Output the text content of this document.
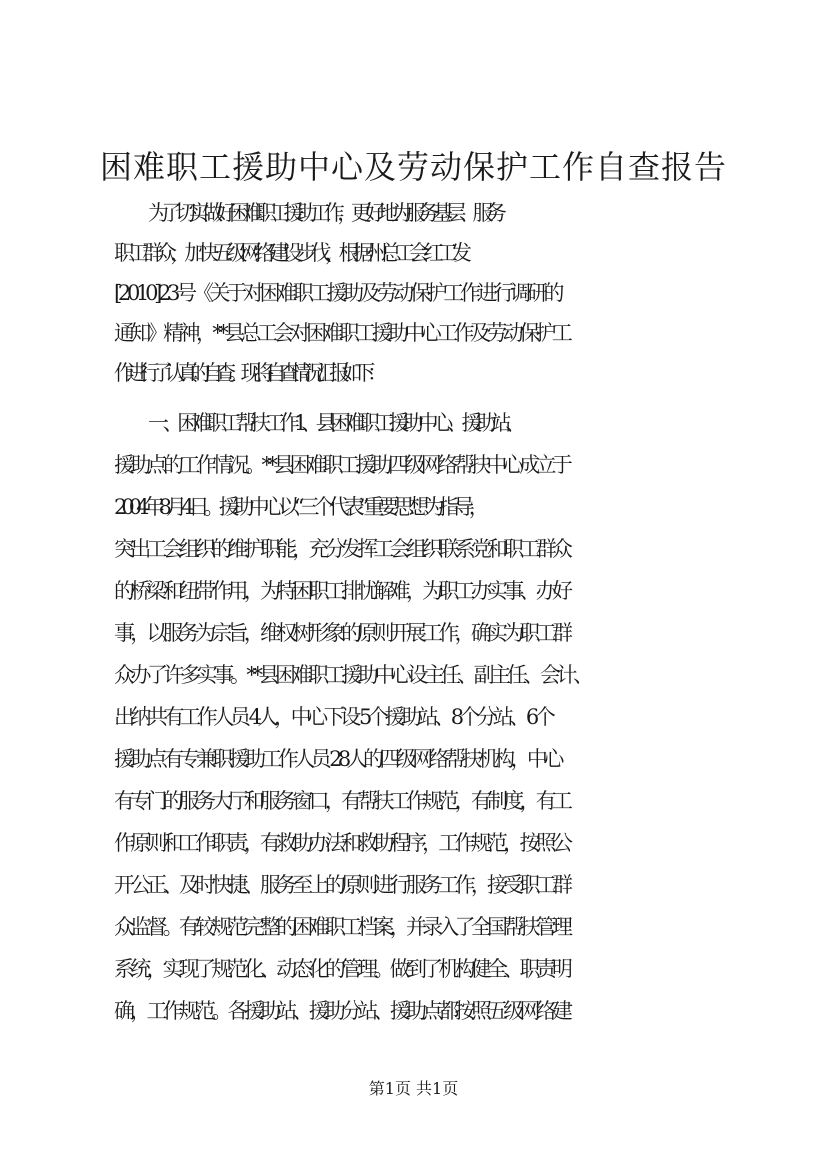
困难职工援助中心及劳动保护工作自查报告
为了切实做好困难职工援助工作，更好地为服务基层、服务
职工群众，加快五级网络建设步伐，根据州总工会红工发
[2010]23号《关于对困难职工援助及劳动保护工作进行调研的
通知》精神，**县总工会对困难职工援助中心工作及劳动保护工
作进行了认真的自查。现将自查情况汇报如下：
一、困难职工帮扶工作 1、县困难职工援助中心、援助站、
援助点的工作情况。**县困难职工援助四级网络帮扶中心成立于
2004年8月4日。援助中心以“三个代表”重要思想为指导，
突出工会组织的维护职能，充分发挥工会组织联系党和职工群众
的桥梁和纽带作用，为特困职工排忧解难，为职工办实事、办好
事，以服务为宗旨，维权树形象的原则开展工作，确实为职工群
众办了许多实事。**县困难职工援助中心设主任、副主任、会计、
出纳共有工作人员 4人，中心下设 5个援助站、8个分站、6个
援助点有专兼职援助工作人员 28人的四级网络帮扶机构，中心
有专门的服务大厅和服务窗口，有帮扶工作规范，有制度，有工
作原则和工作职责，有救助办法和救助程序，工作规范，按照公
开公正、及时快捷、服务至上的原则进行服务工作，接受职工群
众监督。有较规范完整的困难职工档案，并录入了全国帮扶管理
系统，实现了规范化、动态化的管理。做到了机构健全、职责明
确，工作规范。各援助站、援助分站、援助点都按照五级网络建
第1页 共1页
